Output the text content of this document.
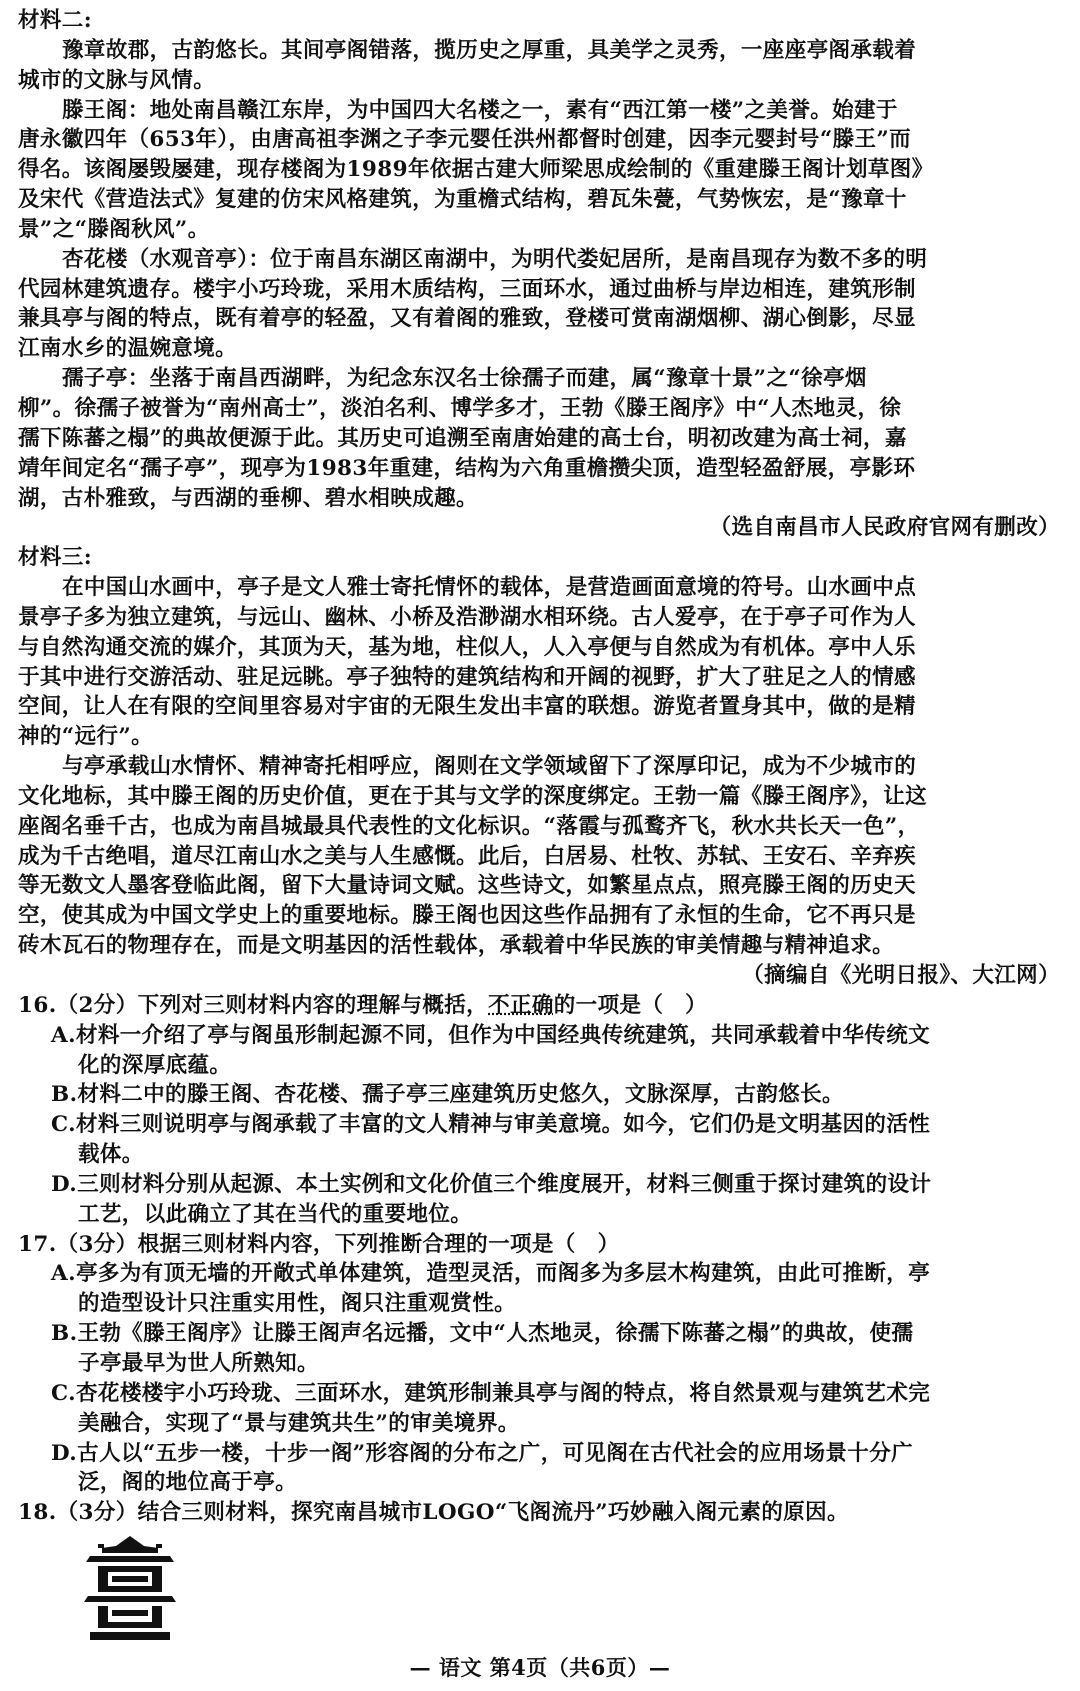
材料二:
豫章故郡，古韵悠长。其间亭阁错落，揽历史之厚重，具美学之灵秀，一座座亭阁承载着
城市的文脉与风情。
滕王阁：地处南昌赣江东岸，为中国四大名楼之一，素有“西江第一楼”之美誉。始建于
唐永徽四年（653年），由唐高祖李渊之子李元婴任洪州都督时创建，因李元婴封号“滕王”而
得名。该阁屡毁屡建，现存楼阁为1989年依据古建大师梁思成绘制的《重建滕王阁计划草图》
及宋代《营造法式》复建的仿宋风格建筑，为重檐式结构，碧瓦朱甍，气势恢宏，是“豫章十
景”之“滕阁秋风”。
杏花楼（水观音亭）：位于南昌东湖区南湖中，为明代娄妃居所，是南昌现存为数不多的明
代园林建筑遗存。楼宇小巧玲珑，采用木质结构，三面环水，通过曲桥与岸边相连，建筑形制
兼具亭与阁的特点，既有着亭的轻盈，又有着阁的雅致，登楼可赏南湖烟柳、湖心倒影，尽显
江南水乡的温婉意境。
孺子亭：坐落于南昌西湖畔，为纪念东汉名士徐孺子而建，属“豫章十景”之“徐亭烟
柳”。徐孺子被誉为“南州高士”，淡泊名利、博学多才，王勃《滕王阁序》中“人杰地灵，徐
孺下陈蕃之榻”的典故便源于此。其历史可追溯至南唐始建的高士台，明初改建为高士祠，嘉
靖年间定名“孺子亭”，现亭为1983年重建，结构为六角重檐攒尖顶，造型轻盈舒展，亭影环
湖，古朴雅致，与西湖的垂柳、碧水相映成趣。
（选自南昌市人民政府官网有删改）
材料三:
在中国山水画中，亭子是文人雅士寄托情怀的载体，是营造画面意境的符号。山水画中点
景亭子多为独立建筑，与远山、幽林、小桥及浩渺湖水相环绕。古人爱亭，在于亭子可作为人
与自然沟通交流的媒介，其顶为天，基为地，柱似人，人入亭便与自然成为有机体。亭中人乐
于其中进行交游活动、驻足远眺。亭子独特的建筑结构和开阔的视野，扩大了驻足之人的情感
空间，让人在有限的空间里容易对宇宙的无限生发出丰富的联想。游览者置身其中，做的是精
神的“远行”。
与亭承载山水情怀、精神寄托相呼应，阁则在文学领域留下了深厚印记，成为不少城市的
文化地标，其中滕王阁的历史价值，更在于其与文学的深度绑定。王勃一篇《滕王阁序》，让这
座阁名垂千古，也成为南昌城最具代表性的文化标识。“落霞与孤鹜齐飞，秋水共长天一色”，
成为千古绝唱，道尽江南山水之美与人生感慨。此后，白居易、杜牧、苏轼、王安石、辛弃疾
等无数文人墨客登临此阁，留下大量诗词文赋。这些诗文，如繁星点点，照亮滕王阁的历史天
空，使其成为中国文学史上的重要地标。滕王阁也因这些作品拥有了永恒的生命，它不再只是
砖木瓦石的物理存在，而是文明基因的活性载体，承载着中华民族的审美情趣与精神追求。
（摘编自《光明日报》、大江网）
16.（2分）下列对三则材料内容的理解与概括，不正确的一项是（　）
A.材料一介绍了亭与阁虽形制起源不同，但作为中国经典传统建筑，共同承载着中华传统文
化的深厚底蕴。
B.材料二中的滕王阁、杏花楼、孺子亭三座建筑历史悠久，文脉深厚，古韵悠长。
C.材料三则说明亭与阁承载了丰富的文人精神与审美意境。如今，它们仍是文明基因的活性
载体。
D.三则材料分别从起源、本土实例和文化价值三个维度展开，材料三侧重于探讨建筑的设计
工艺，以此确立了其在当代的重要地位。
17.（3分）根据三则材料内容，下列推断合理的一项是（　）
A.亭多为有顶无墙的开敞式单体建筑，造型灵活，而阁多为多层木构建筑，由此可推断，亭
的造型设计只注重实用性，阁只注重观赏性。
B.王勃《滕王阁序》让滕王阁声名远播，文中“人杰地灵，徐孺下陈蕃之榻”的典故，使孺
子亭最早为世人所熟知。
C.杏花楼楼宇小巧玲珑、三面环水，建筑形制兼具亭与阁的特点，将自然景观与建筑艺术完
美融合，实现了“景与建筑共生”的审美境界。
D.古人以“五步一楼，十步一阁”形容阁的分布之广，可见阁在古代社会的应用场景十分广
泛，阁的地位高于亭。
18.（3分）结合三则材料，探究南昌城市LOGO“飞阁流丹”巧妙融入阁元素的原因。
— 语文 第4页（共6页）—
